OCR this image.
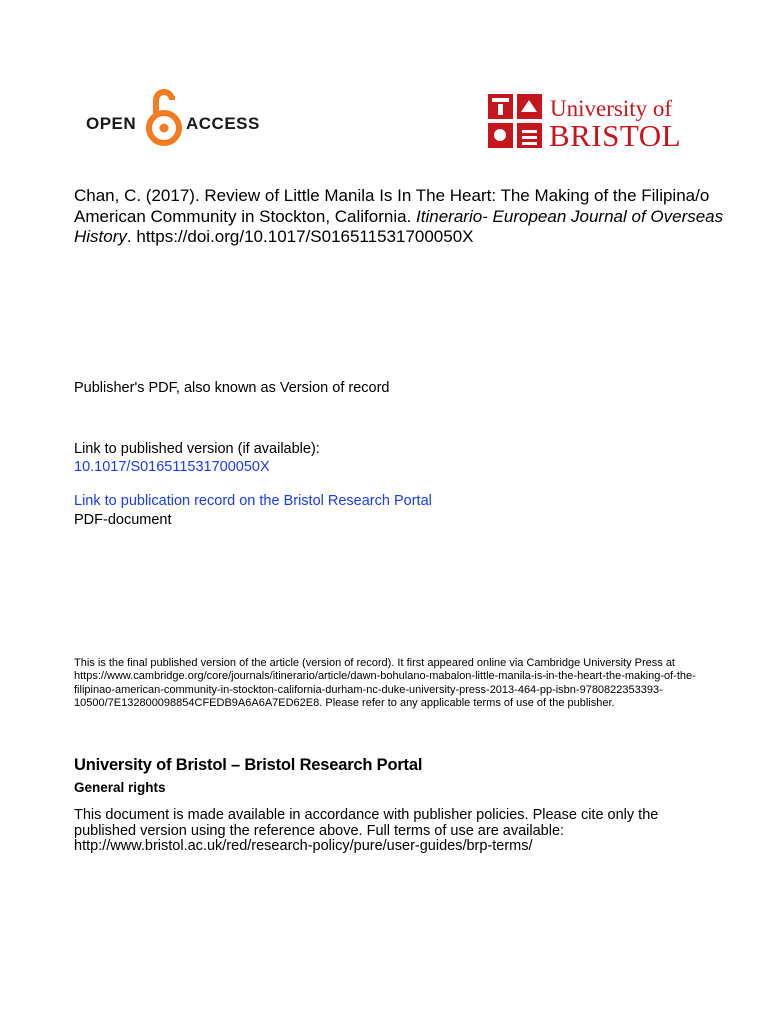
OPEN	ACCESS
University of
BRISTOL
Chan, C. (2017). Review of Little Manila Is In The Heart: The Making of the Filipina/o American Community in Stockton, California. Itinerario- European Journal of Overseas History. https://doi.org/10.1017/S016511531700050X
Publisher's PDF, also known as Version of record
Link to published version (if available):
10.1017/S016511531700050X
Link to publication record on the Bristol Research Portal
PDF-document
This is the final published version of the article (version of record). It first appeared online via Cambridge University Press at https://www.cambridge.org/core/journals/itinerario/article/dawn-bohulano-mabalon-little-manila-is-in-the-heart-the-making-of-the-filipinao-american-community-in-stockton-california-durham-nc-duke-university-press-2013-464-pp-isbn-9780822353393-10500/7E132800098854CFEDB9A6A6A7ED62E8. Please refer to any applicable terms of use of the publisher.
University of Bristol – Bristol Research Portal
General rights
This document is made available in accordance with publisher policies. Please cite only the published version using the reference above. Full terms of use are available: http://www.bristol.ac.uk/red/research-policy/pure/user-guides/brp-terms/
